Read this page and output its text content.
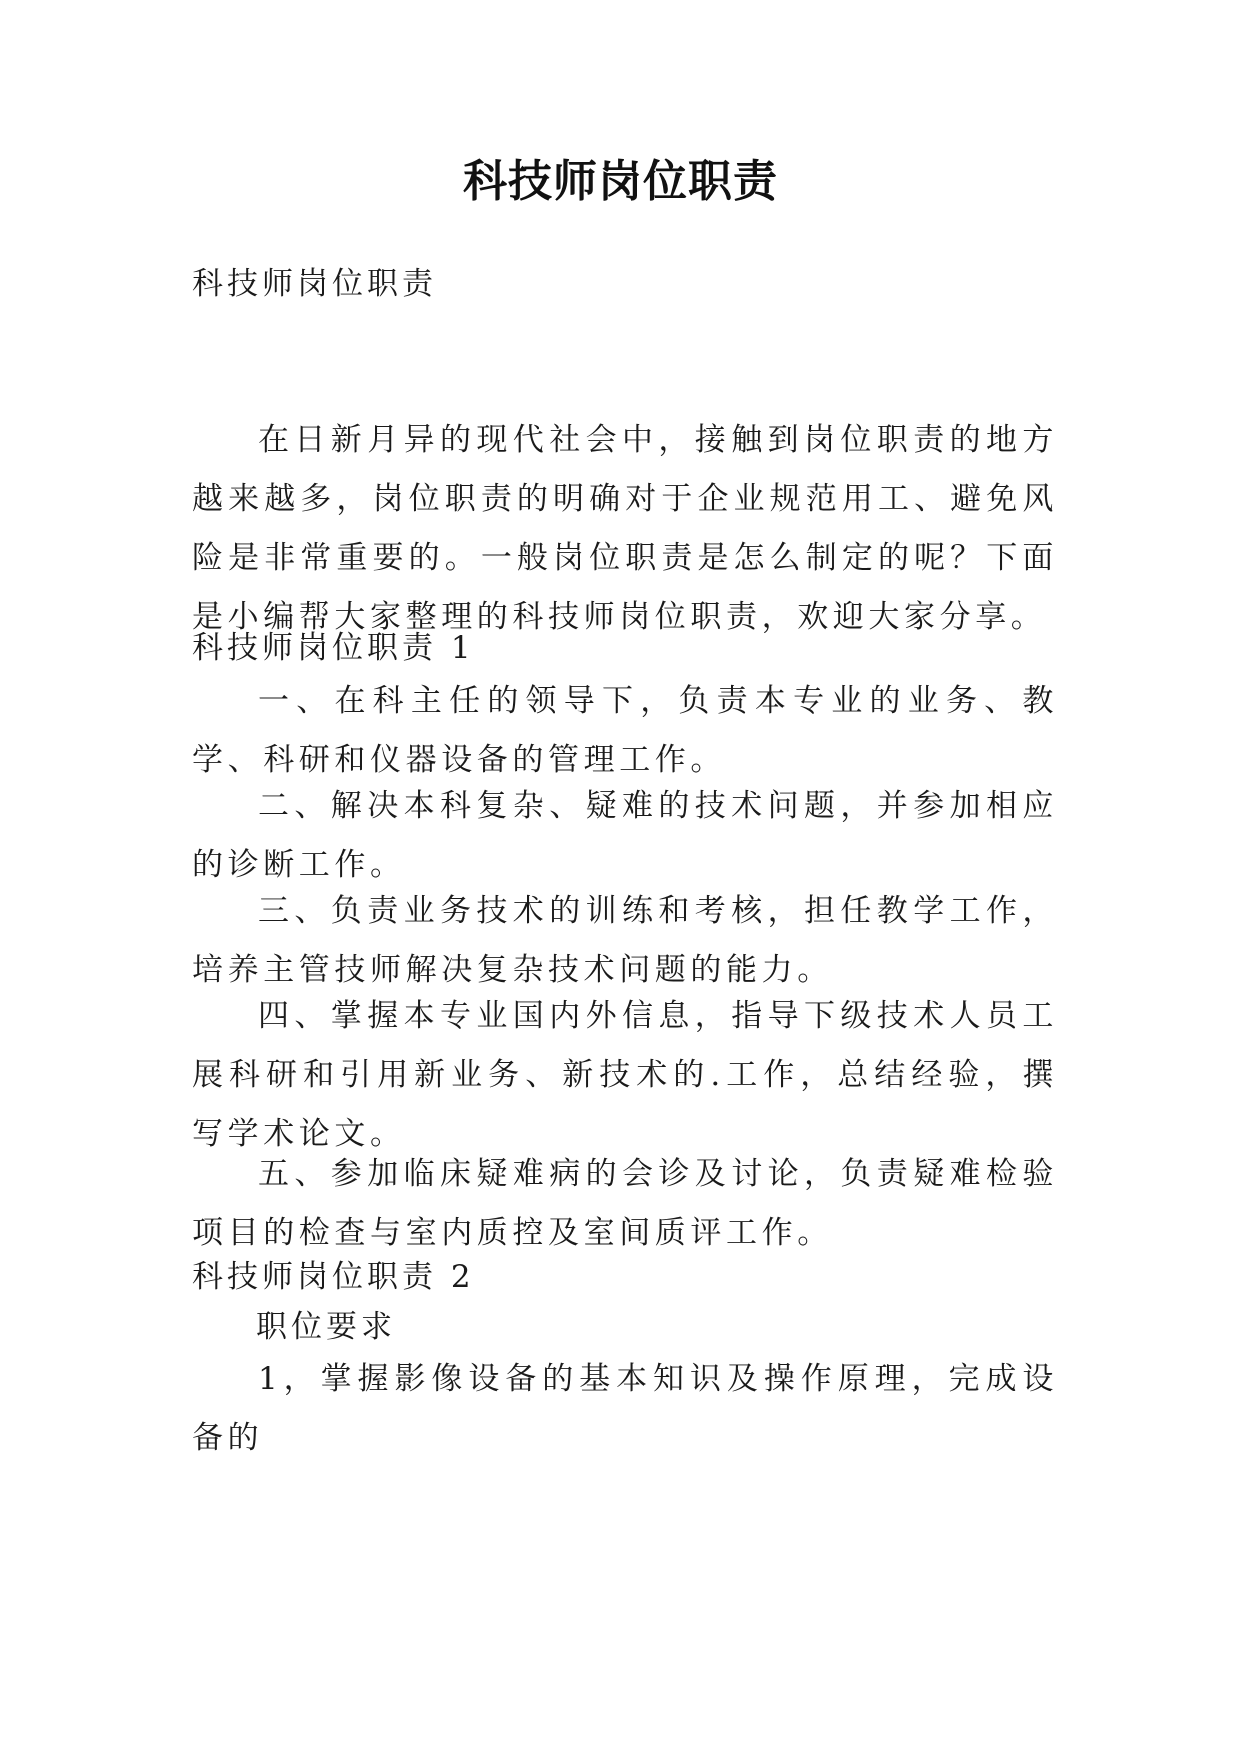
科技师岗位职责

科技师岗位职责

在日新月异的现代社会中，接触到岗位职责的地方越来越多，岗位职责的明确对于企业规范用工、避免风险是非常重要的。一般岗位职责是怎么制定的呢？下面是小编帮大家整理的科技师岗位职责，欢迎大家分享。

科技师岗位职责 1

一、在科主任的领导下，负责本专业的业务、教学、科研和仪器设备的管理工作。

二、解决本科复杂、疑难的技术问题，并参加相应的诊断工作。

三、负责业务技术的训练和考核，担任教学工作，培养主管技师解决复杂技术问题的能力。

四、掌握本专业国内外信息，指导下级技术人员工展科研和引用新业务、新技术的.工作，总结经验，撰写学术论文。

五、参加临床疑难病的会诊及讨论，负责疑难检验项目的检查与室内质控及室间质评工作。

科技师岗位职责 2

职位要求

1，掌握影像设备的基本知识及操作原理，完成设备的
